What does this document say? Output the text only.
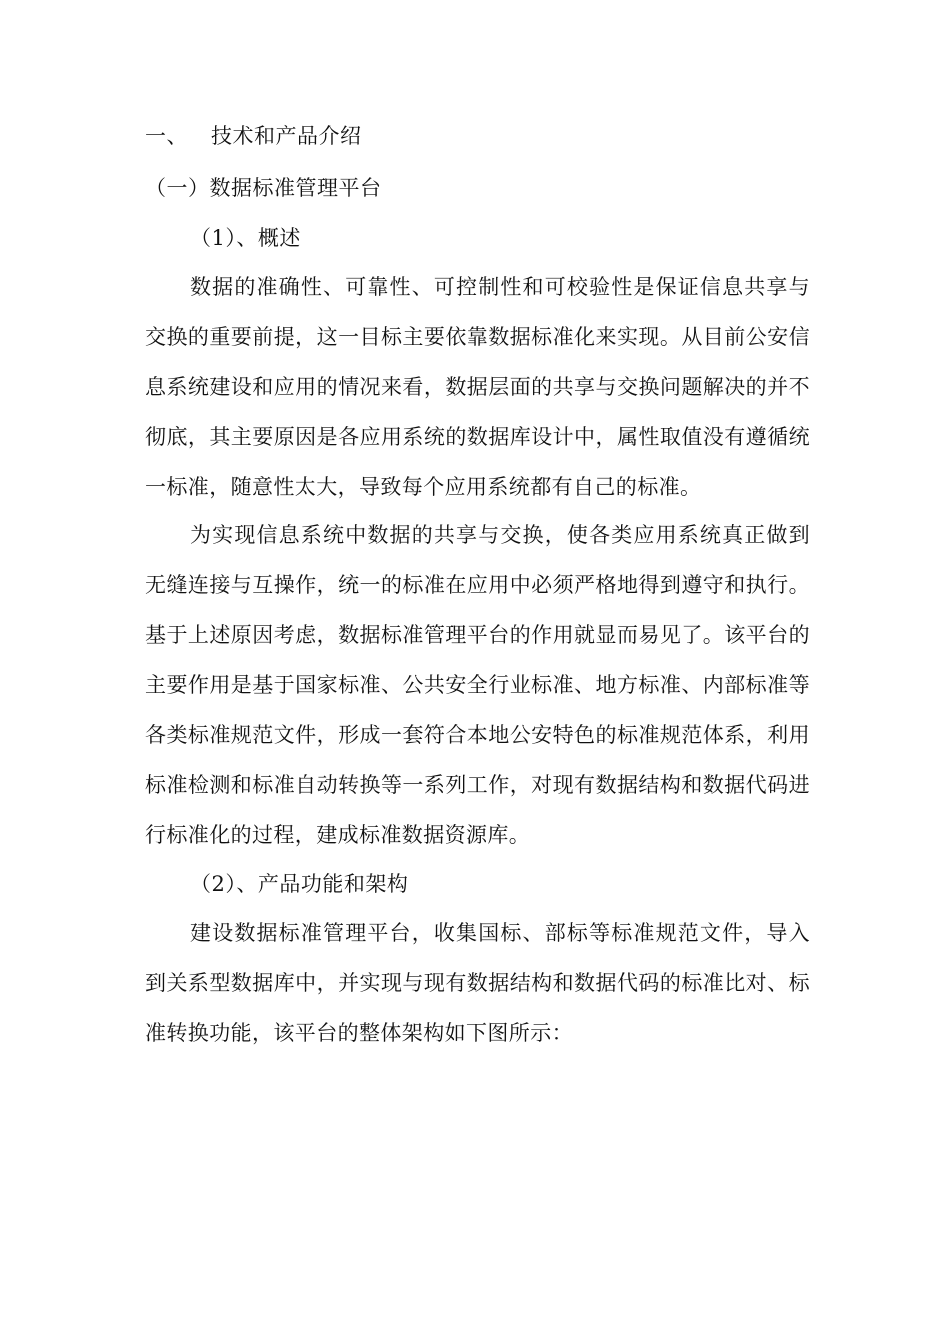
一、 技术和产品介绍
（一）数据标准管理平台
（1）、概述

数据的准确性、可靠性、可控制性和可校验性是保证信息共享与交换的重要前提，这一目标主要依靠数据标准化来实现。从目前公安信息系统建设和应用的情况来看，数据层面的共享与交换问题解决的并不彻底，其主要原因是各应用系统的数据库设计中，属性取值没有遵循统一标准，随意性太大，导致每个应用系统都有自己的标准。

为实现信息系统中数据的共享与交换，使各类应用系统真正做到无缝连接与互操作，统一的标准在应用中必须严格地得到遵守和执行。基于上述原因考虑，数据标准管理平台的作用就显而易见了。该平台的主要作用是基于国家标准、公共安全行业标准、地方标准、内部标准等各类标准规范文件，形成一套符合本地公安特色的标准规范体系，利用标准检测和标准自动转换等一系列工作，对现有数据结构和数据代码进行标准化的过程，建成标准数据资源库。

（2）、产品功能和架构

建设数据标准管理平台，收集国标、部标等标准规范文件，导入到关系型数据库中，并实现与现有数据结构和数据代码的标准比对、标准转换功能，该平台的整体架构如下图所示：
